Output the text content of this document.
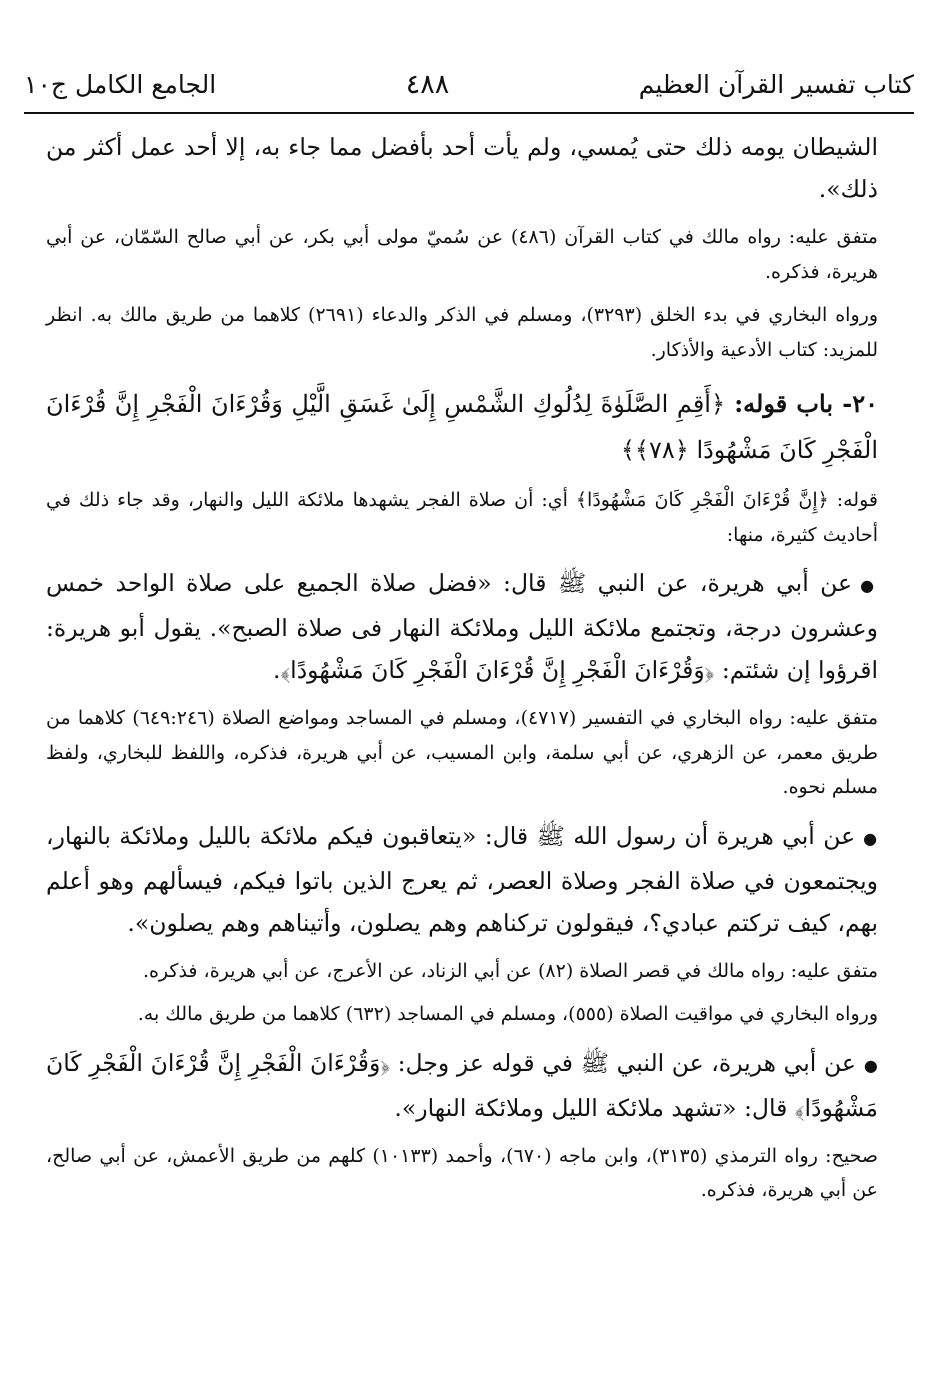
كتاب تفسير القرآن العظيم
٤٨٨
الجامع الكامل ج١٠

الشيطان يومه ذلك حتى يُمسي، ولم يأت أحد بأفضل مما جاء به، إلا أحد عمل أكثر من ذلك».

متفق عليه: رواه مالك في كتاب القرآن (٤٨٦) عن سُميّ مولى أبي بكر، عن أبي صالح السّمّان، عن أبي هريرة، فذكره.

ورواه البخاري في بدء الخلق (٣٢٩٣)، ومسلم في الذكر والدعاء (٢٦٩١) كلاهما من طريق مالك به. انظر للمزيد: كتاب الأدعية والأذكار.

٢٠- باب قوله: ﴿أَقِمِ الصَّلَوٰةَ لِدُلُوكِ الشَّمْسِ إِلَىٰ غَسَقِ الَّيْلِ وَقُرْءَانَ الْفَجْرِ إِنَّ قُرْءَانَ الْفَجْرِ كَانَ مَشْهُودًا ﴿٧٨﴾﴾

قوله: ﴿إِنَّ قُرْءَانَ الْفَجْرِ كَانَ مَشْهُودًا﴾ أي: أن صلاة الفجر يشهدها ملائكة الليل والنهار، وقد جاء ذلك في أحاديث كثيرة، منها:

●عن أبي هريرة، عن النبي ﷺ قال: «فضل صلاة الجميع على صلاة الواحد خمس وعشرون درجة، وتجتمع ملائكة الليل وملائكة النهار فى صلاة الصبح». يقول أبو هريرة: اقرؤوا إن شئتم: ﴿وَقُرْءَانَ الْفَجْرِ إِنَّ قُرْءَانَ الْفَجْرِ كَانَ مَشْهُودًا﴾.

متفق عليه: رواه البخاري في التفسير (٤٧١٧)، ومسلم في المساجد ومواضع الصلاة (٦٤٩:٢٤٦) كلاهما من طريق معمر، عن الزهري، عن أبي سلمة، وابن المسيب، عن أبي هريرة، فذكره، واللفظ للبخاري، ولفظ مسلم نحوه.

●عن أبي هريرة أن رسول الله ﷺ قال: «يتعاقبون فيكم ملائكة بالليل وملائكة بالنهار، ويجتمعون في صلاة الفجر وصلاة العصر، ثم يعرج الذين باتوا فيكم، فيسألهم وهو أعلم بهم، كيف تركتم عبادي؟، فيقولون تركناهم وهم يصلون، وأتيناهم وهم يصلون».

متفق عليه: رواه مالك في قصر الصلاة (٨٢) عن أبي الزناد، عن الأعرج، عن أبي هريرة، فذكره.

ورواه البخاري في مواقيت الصلاة (٥٥٥)، ومسلم في المساجد (٦٣٢) كلاهما من طريق مالك به.

●عن أبي هريرة، عن النبي ﷺ في قوله عز وجل: ﴿وَقُرْءَانَ الْفَجْرِ إِنَّ قُرْءَانَ الْفَجْرِ كَانَ مَشْهُودًا﴾ قال: «تشهد ملائكة الليل وملائكة النهار».

صحيح: رواه الترمذي (٣١٣٥)، وابن ماجه (٦٧٠)، وأحمد (١٠١٣٣) كلهم من طريق الأعمش، عن أبي صالح، عن أبي هريرة، فذكره.
